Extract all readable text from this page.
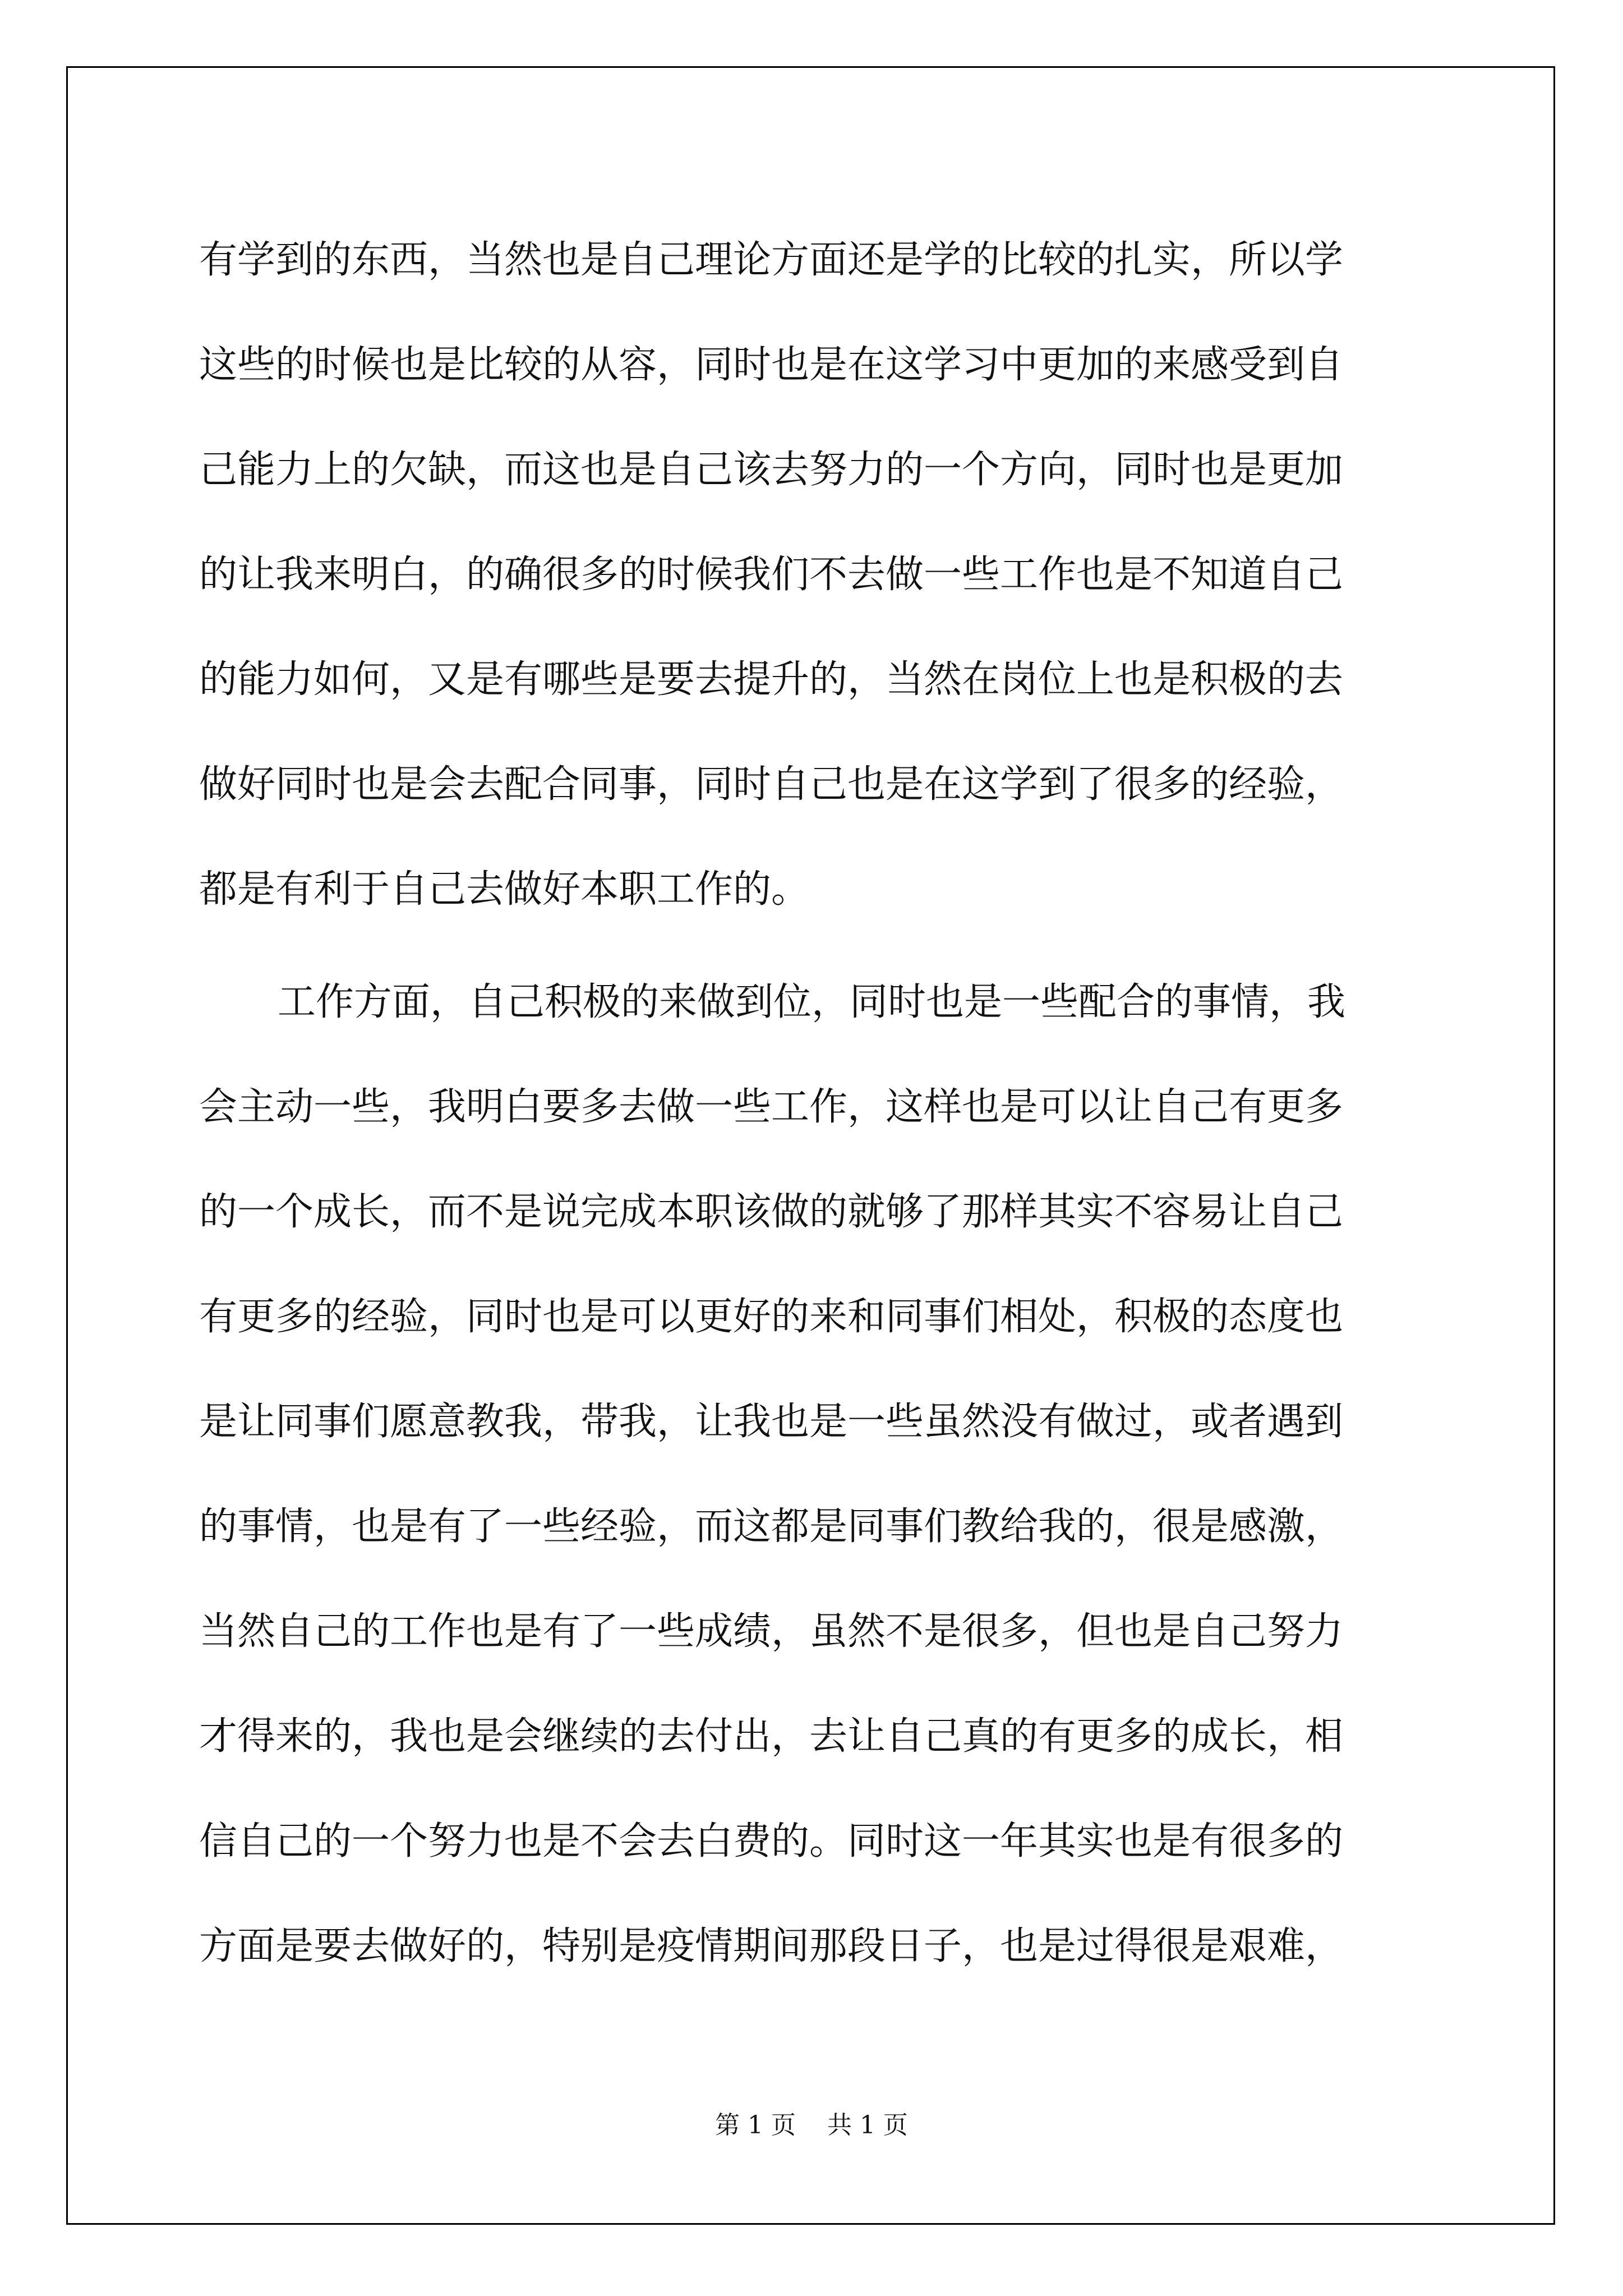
有学到的东西，当然也是自己理论方面还是学的比较的扎实，所以学
这些的时候也是比较的从容，同时也是在这学习中更加的来感受到自
己能力上的欠缺，而这也是自己该去努力的一个方向，同时也是更加
的让我来明白，的确很多的时候我们不去做一些工作也是不知道自己
的能力如何，又是有哪些是要去提升的，当然在岗位上也是积极的去
做好同时也是会去配合同事，同时自己也是在这学到了很多的经验，
都是有利于自己去做好本职工作的。
工作方面，自己积极的来做到位，同时也是一些配合的事情，我
会主动一些，我明白要多去做一些工作，这样也是可以让自己有更多
的一个成长，而不是说完成本职该做的就够了那样其实不容易让自己
有更多的经验，同时也是可以更好的来和同事们相处，积极的态度也
是让同事们愿意教我，带我，让我也是一些虽然没有做过，或者遇到
的事情，也是有了一些经验，而这都是同事们教给我的，很是感激，
当然自己的工作也是有了一些成绩，虽然不是很多，但也是自己努力
才得来的，我也是会继续的去付出，去让自己真的有更多的成长，相
信自己的一个努力也是不会去白费的。同时这一年其实也是有很多的
方面是要去做好的，特别是疫情期间那段日子，也是过得很是艰难，
第 1 页    共 1 页
